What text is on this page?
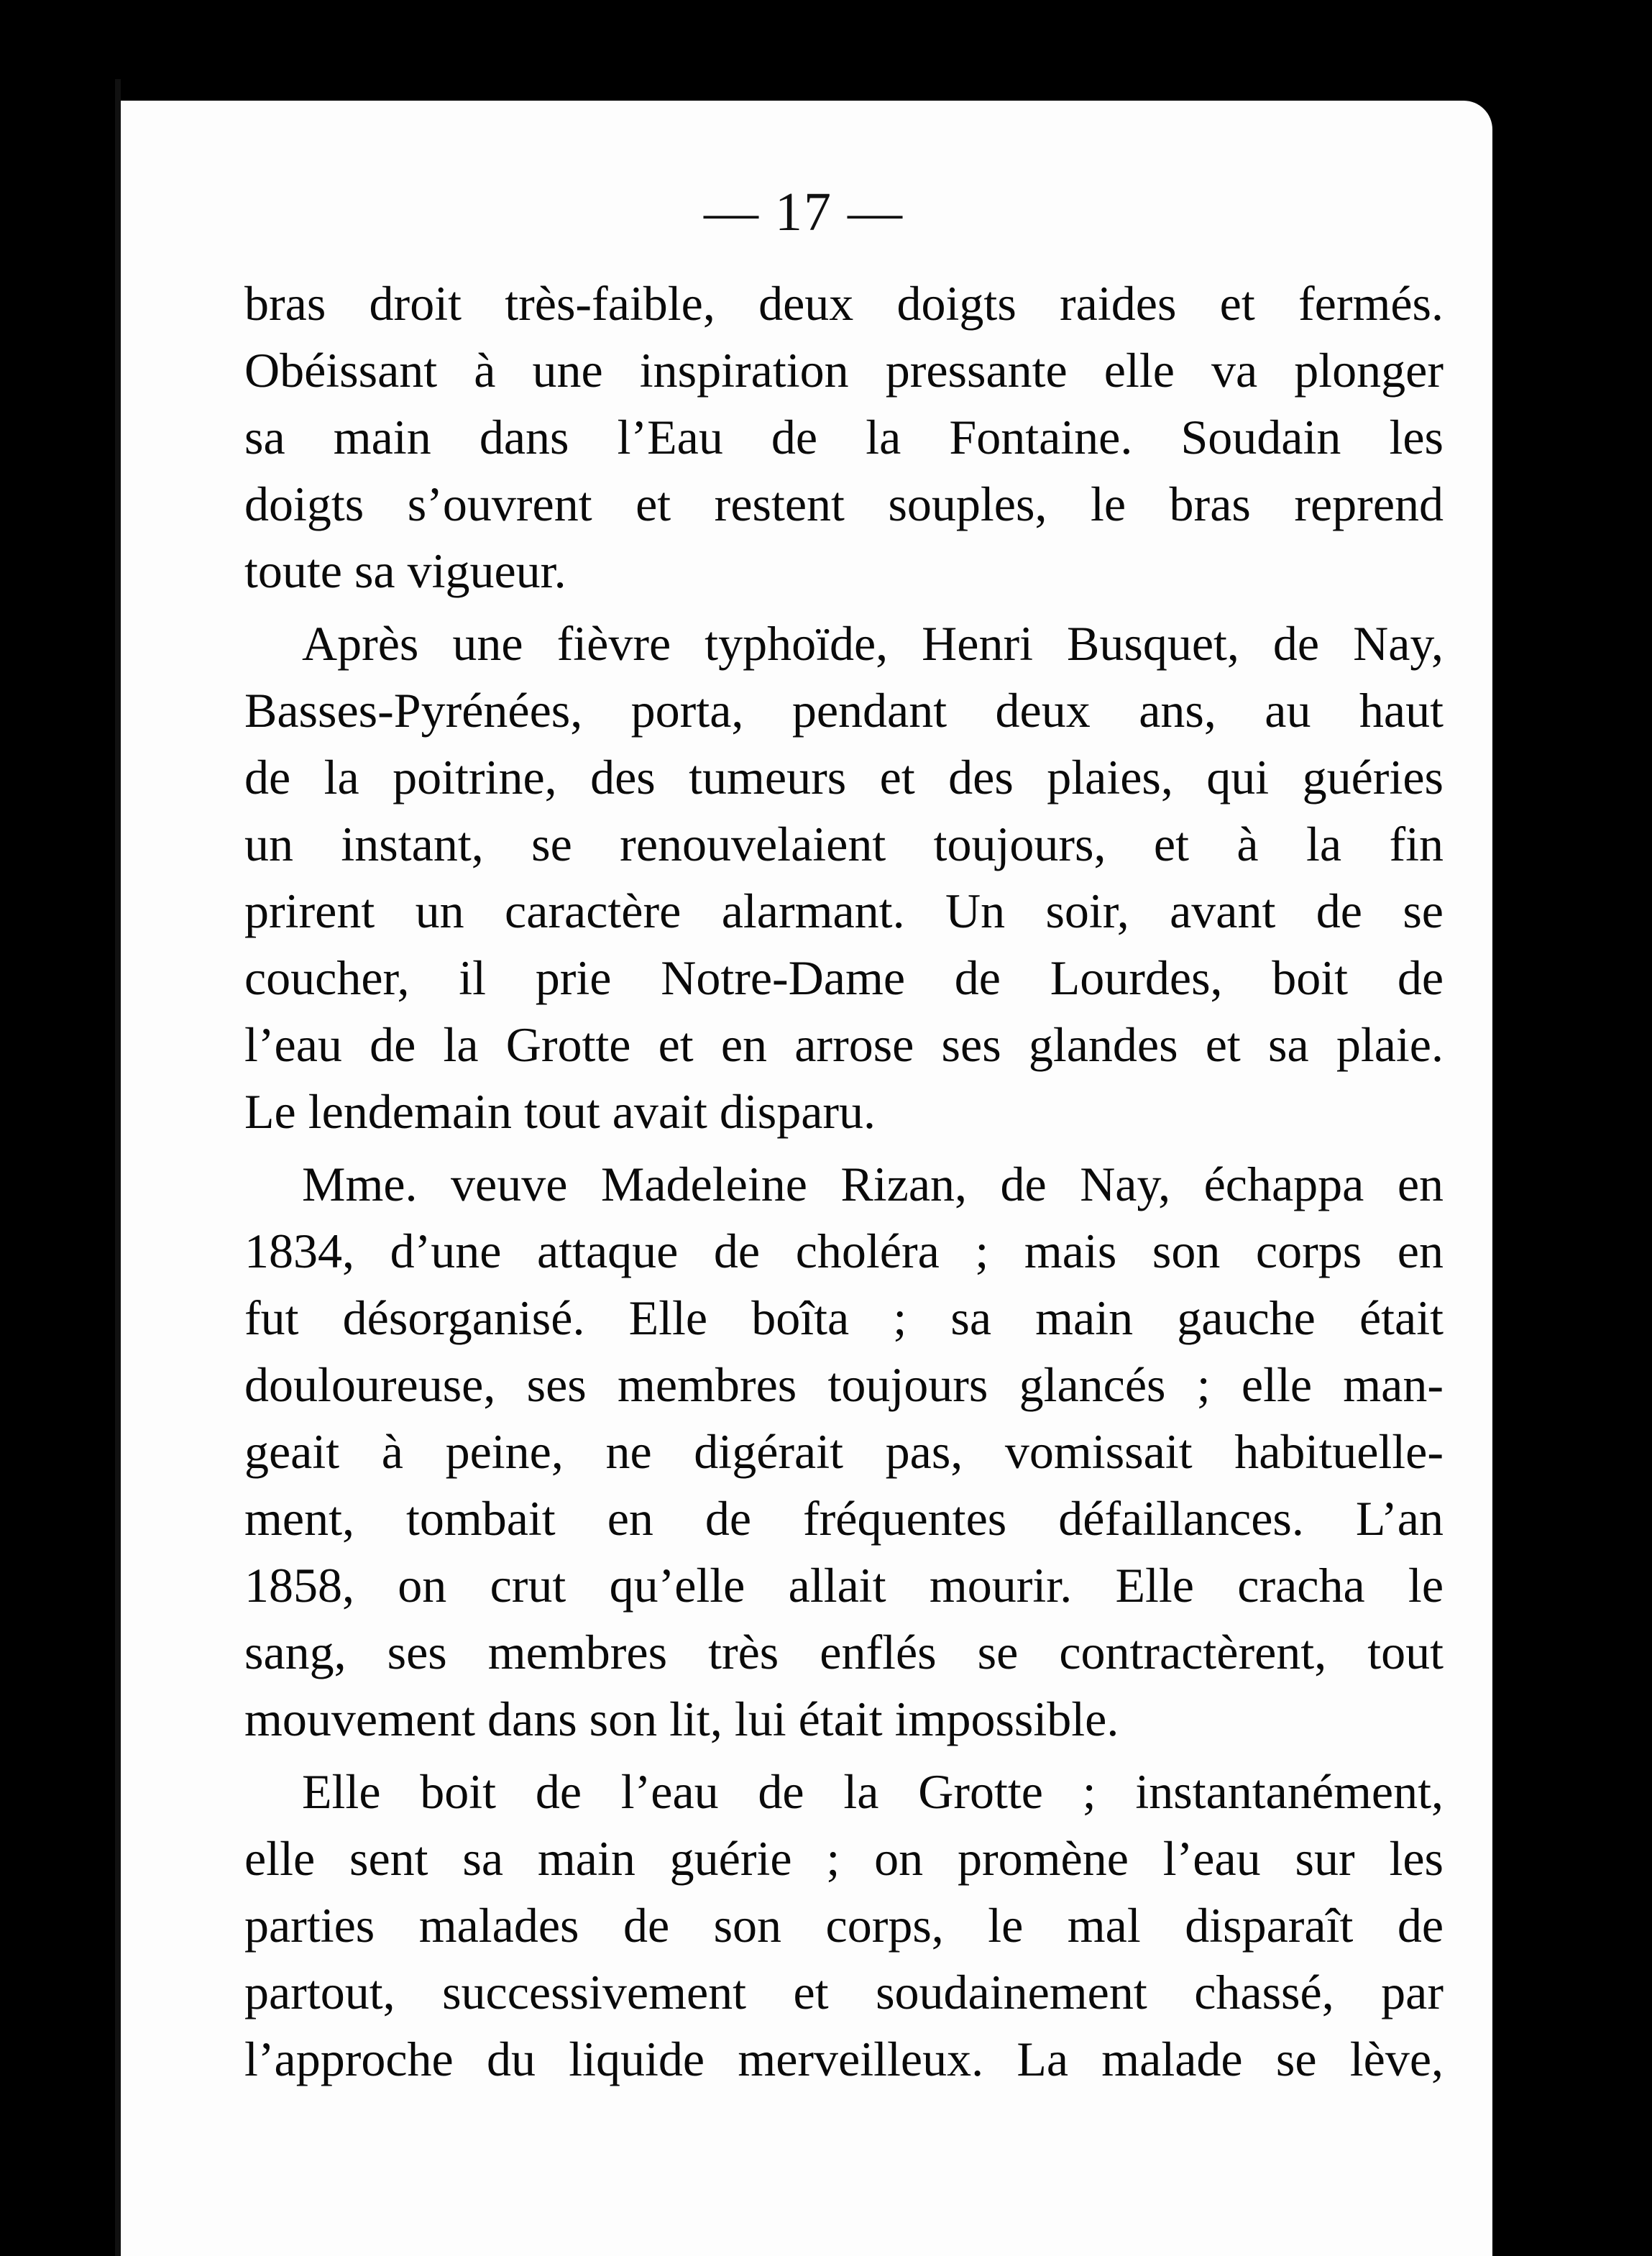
— 17 —
bras droit très-faible, deux doigts raides et fermés.
Obéissant à une inspiration pressante elle va plonger
sa main dans l’Eau de la Fontaine. Soudain les
doigts s’ouvrent et restent souples, le bras reprend
toute sa vigueur.
Après une fièvre typhoïde, Henri Busquet, de Nay,
Basses-Pyrénées, porta, pendant deux ans, au haut
de la poitrine, des tumeurs et des plaies, qui guéries
un instant, se renouvelaient toujours, et à la fin
prirent un caractère alarmant. Un soir, avant de se
coucher, il prie Notre-Dame de Lourdes, boit de
l’eau de la Grotte et en arrose ses glandes et sa plaie.
Le lendemain tout avait disparu.
Mme. veuve Madeleine Rizan, de Nay, échappa en
1834, d’une attaque de choléra ; mais son corps en
fut désorganisé. Elle boîta ; sa main gauche était
douloureuse, ses membres toujours glancés ; elle man-
geait à peine, ne digérait pas, vomissait habituelle-
ment, tombait en de fréquentes défaillances. L’an
1858, on crut qu’elle allait mourir. Elle cracha le
sang, ses membres très enflés se contractèrent, tout
mouvement dans son lit, lui était impossible.
Elle boit de l’eau de la Grotte ; instantanément,
elle sent sa main guérie ; on promène l’eau sur les
parties malades de son corps, le mal disparaît de
partout, successivement et soudainement chassé, par
l’approche du liquide merveilleux. La malade se lève,
